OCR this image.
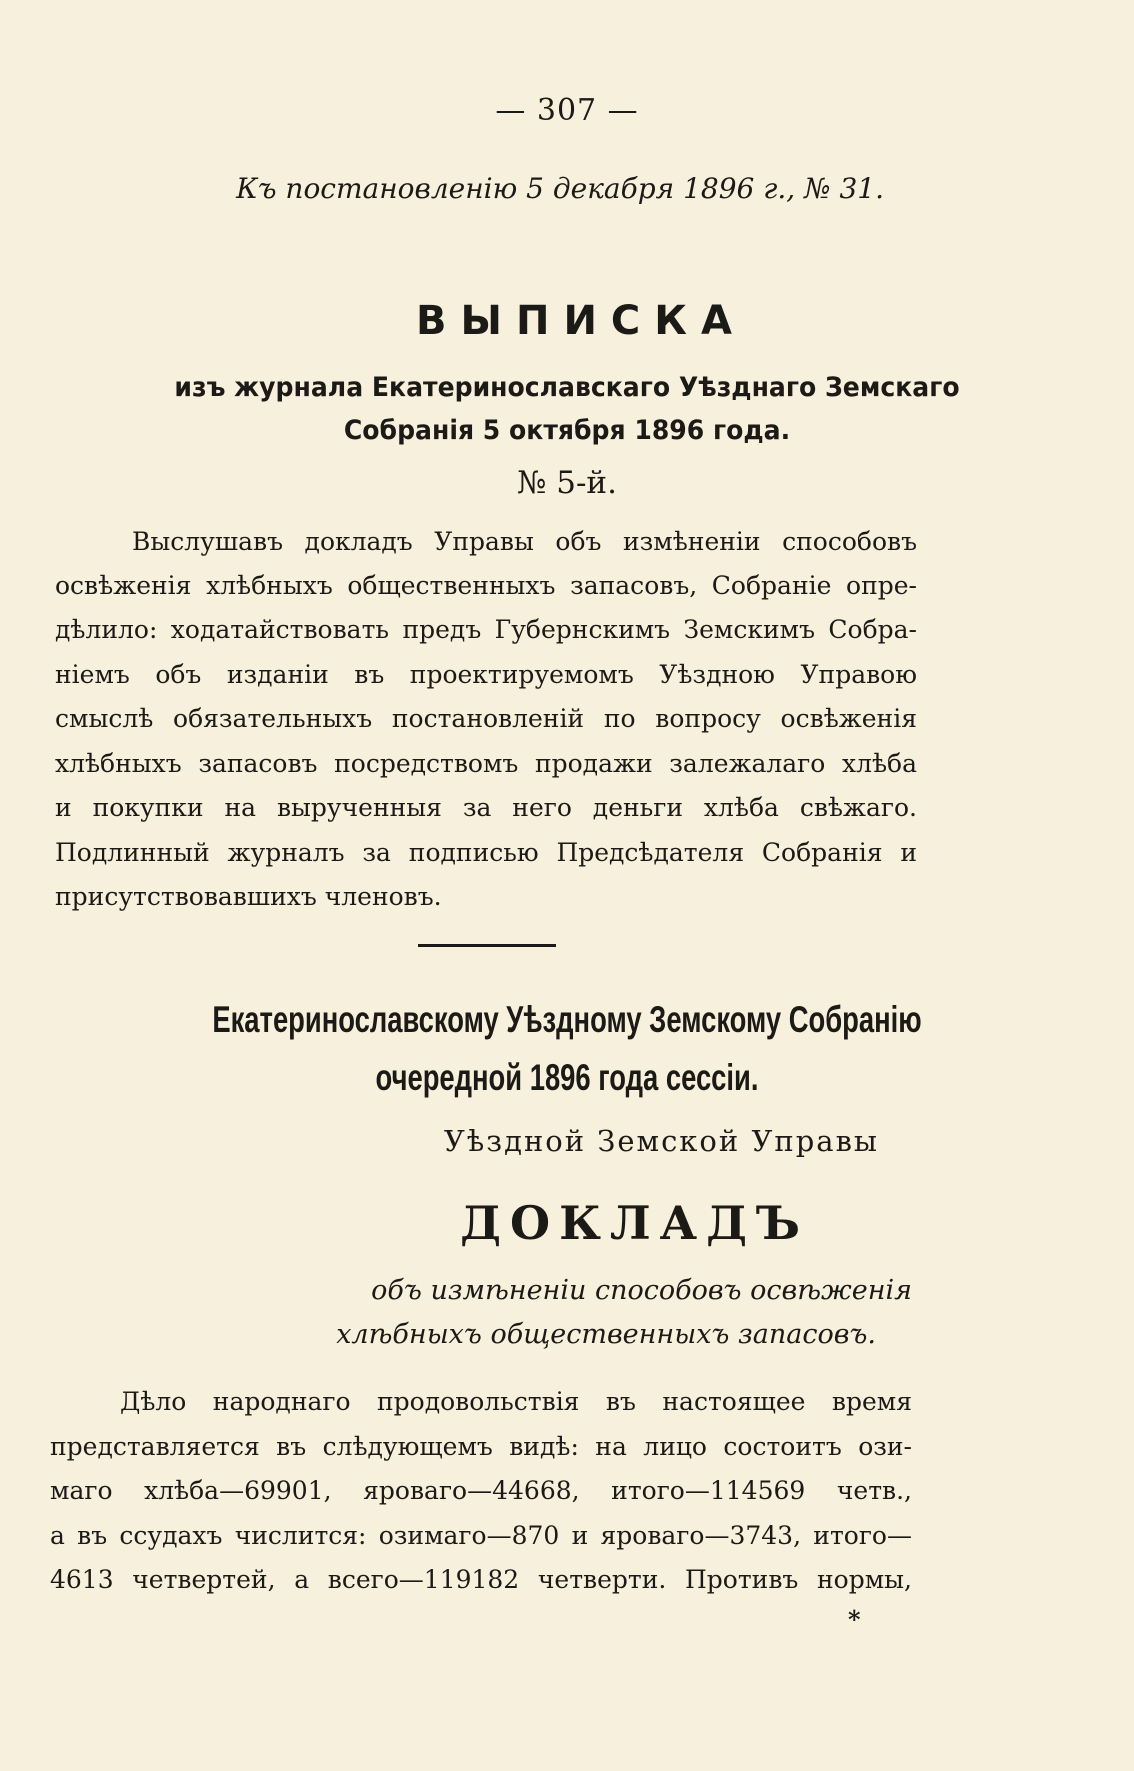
— 307 —
Къ постановленію 5 декабря 1896 г., № 31.
ВЫПИСКА
изъ журнала Екатеринославскаго Уѣзднаго Земскаго
Собранія 5 октября 1896 года.
№ 5-й.
Выслушавъ докладъ Управы объ измѣненіи способовъ
освѣженія хлѣбныхъ общественныхъ запасовъ, Собраніе опре-
дѣлило: ходатайствовать предъ Губернскимъ Земскимъ Собра-
ніемъ объ изданіи въ проектируемомъ Уѣздною Управою
смыслѣ обязательныхъ постановленій по вопросу освѣженія
хлѣбныхъ запасовъ посредствомъ продажи залежалаго хлѣба
и покупки на вырученныя за него деньги хлѣба свѣжаго.
Подлинный журналъ за подписью Предсѣдателя Собранія и
присутствовавшихъ членовъ.
Екатеринославскому Уѣздному Земскому Собранію
очередной 1896 года сессіи.
Уѣздной Земской Управы
ДОКЛАДЪ
объ измѣненіи способовъ освѣженія
хлѣбныхъ общественныхъ запасовъ.
Дѣло народнаго продовольствія въ настоящее время
представляется въ слѣдующемъ видѣ: на лицо состоитъ ози-
маго хлѣба—69901, яроваго—44668, итого—114569 четв.,
а въ ссудахъ числится: озимаго—870 и яроваго—3743, итого—
4613 четвертей, а всего—119182 четверти. Противъ нормы,
*
